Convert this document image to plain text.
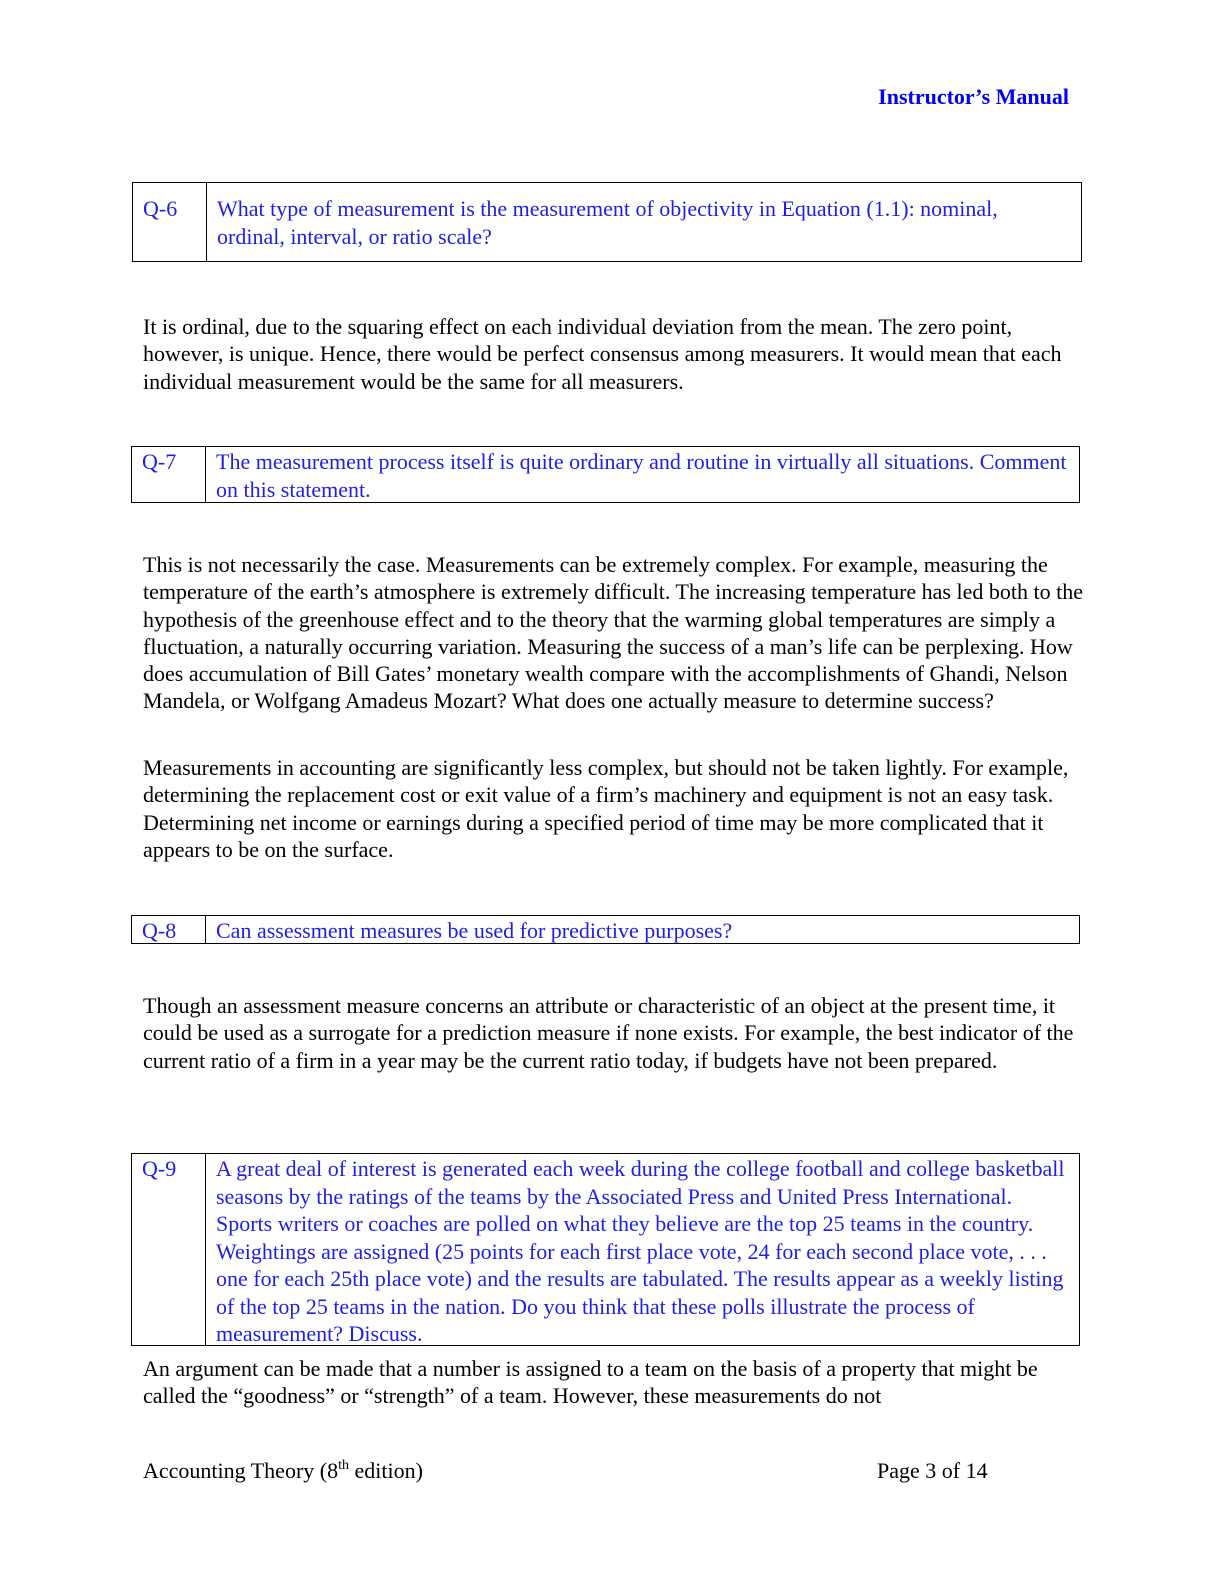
Instructor’s Manual
Q-6	What type of measurement is the measurement of objectivity in Equation (1.1): nominal, ordinal, interval, or ratio scale?

It is ordinal, due to the squaring effect on each individual deviation from the mean. The zero point, however, is unique. Hence, there would be perfect consensus among measurers. It would mean that each individual measurement would be the same for all measurers.

Q-7	The measurement process itself is quite ordinary and routine in virtually all situations. Comment on this statement.

This is not necessarily the case. Measurements can be extremely complex. For example, measuring the temperature of the earth’s atmosphere is extremely difficult. The increasing temperature has led both to the hypothesis of the greenhouse effect and to the theory that the warming global temperatures are simply a fluctuation, a naturally occurring variation. Measuring the success of a man’s life can be perplexing. How does accumulation of Bill Gates’ monetary wealth compare with the accomplishments of Ghandi, Nelson Mandela, or Wolfgang Amadeus Mozart? What does one actually measure to determine success?

Measurements in accounting are significantly less complex, but should not be taken lightly. For example, determining the replacement cost or exit value of a firm’s machinery and equipment is not an easy task. Determining net income or earnings during a specified period of time may be more complicated that it appears to be on the surface.

Q-8	Can assessment measures be used for predictive purposes?

Though an assessment measure concerns an attribute or characteristic of an object at the present time, it could be used as a surrogate for a prediction measure if none exists. For example, the best indicator of the current ratio of a firm in a year may be the current ratio today, if budgets have not been prepared.

Q-9	A great deal of interest is generated each week during the college football and college basketball seasons by the ratings of the teams by the Associated Press and United Press International. Sports writers or coaches are polled on what they believe are the top 25 teams in the country. Weightings are assigned (25 points for each first place vote, 24 for each second place vote, . . . one for each 25th place vote) and the results are tabulated. The results appear as a weekly listing of the top 25 teams in the nation. Do you think that these polls illustrate the process of measurement? Discuss.

An argument can be made that a number is assigned to a team on the basis of a property that might be called the “goodness” or “strength” of a team. However, these measurements do not

Accounting Theory (8th edition)	Page 3 of 14
